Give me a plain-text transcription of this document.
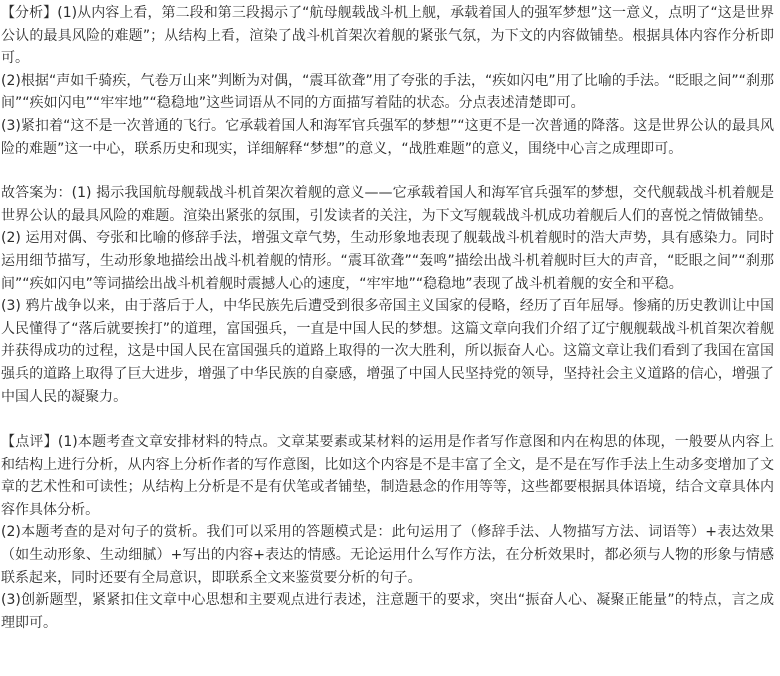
【分析】(1)从内容上看，第二段和第三段揭示了“航母舰载战斗机上舰，承载着国人的强军梦想”这一意义，点明了“这是世界公认的最具风险的难题”；从结构上看，渲染了战斗机首架次着舰的紧张气氛，为下文的内容做铺垫。根据具体内容作分析即可。

(2)根据“声如千骑疾，气卷万山来”判断为对偶，“震耳欲聋”用了夸张的手法，“疾如闪电”用了比喻的手法。“眨眼之间”“刹那间”“疾如闪电”“牢牢地”“稳稳地”这些词语从不同的方面描写着陆的状态。分点表述清楚即可。

(3)紧扣着“这不是一次普通的飞行。它承载着国人和海军官兵强军的梦想”“这更不是一次普通的降落。这是世界公认的最具风险的难题”这一中心，联系历史和现实，详细解释“梦想”的意义，“战胜难题”的意义，围绕中心言之成理即可。

故答案为：(1) 揭示我国航母舰载战斗机首架次着舰的意义——它承载着国人和海军官兵强军的梦想，交代舰载战斗机着舰是世界公认的最具风险的难题。渲染出紧张的氛围，引发读者的关注，为下文写舰载战斗机成功着舰后人们的喜悦之情做铺垫。

(2) 运用对偶、夸张和比喻的修辞手法，增强文章气势，生动形象地表现了舰载战斗机着舰时的浩大声势，具有感染力。同时运用细节描写，生动形象地描绘出战斗机着舰的情形。“震耳欲聋”“轰鸣”描绘出战斗机着舰时巨大的声音，“眨眼之间”“刹那间”“疾如闪电”等词描绘出战斗机着舰时震撼人心的速度，“牢牢地”“稳稳地”表现了战斗机着舰的安全和平稳。

(3) 鸦片战争以来，由于落后于人，中华民族先后遭受到很多帝国主义国家的侵略，经历了百年屈辱。惨痛的历史教训让中国人民懂得了“落后就要挨打”的道理，富国强兵，一直是中国人民的梦想。这篇文章向我们介绍了辽宁舰舰载战斗机首架次着舰并获得成功的过程，这是中国人民在富国强兵的道路上取得的一次大胜利，所以振奋人心。这篇文章让我们看到了我国在富国强兵的道路上取得了巨大进步，增强了中华民族的自豪感，增强了中国人民坚持党的领导，坚持社会主义道路的信心，增强了中国人民的凝聚力。

【点评】(1)本题考查文章安排材料的特点。文章某要素或某材料的运用是作者写作意图和内在构思的体现，一般要从内容上和结构上进行分析，从内容上分析作者的写作意图，比如这个内容是不是丰富了全文，是不是在写作手法上生动多变增加了文章的艺术性和可读性；从结构上分析是不是有伏笔或者铺垫，制造悬念的作用等等，这些都要根据具体语境，结合文章具体内容作具体分析。

(2)本题考查的是对句子的赏析。我们可以采用的答题模式是：此句运用了（修辞手法、人物描写方法、词语等）+表达效果（如生动形象、生动细腻）+写出的内容+表达的情感。无论运用什么写作方法，在分析效果时，都必须与人物的形象与情感联系起来，同时还要有全局意识，即联系全文来鉴赏要分析的句子。

(3)创新题型，紧紧扣住文章中心思想和主要观点进行表述，注意题干的要求，突出“振奋人心、凝聚正能量”的特点，言之成理即可。
